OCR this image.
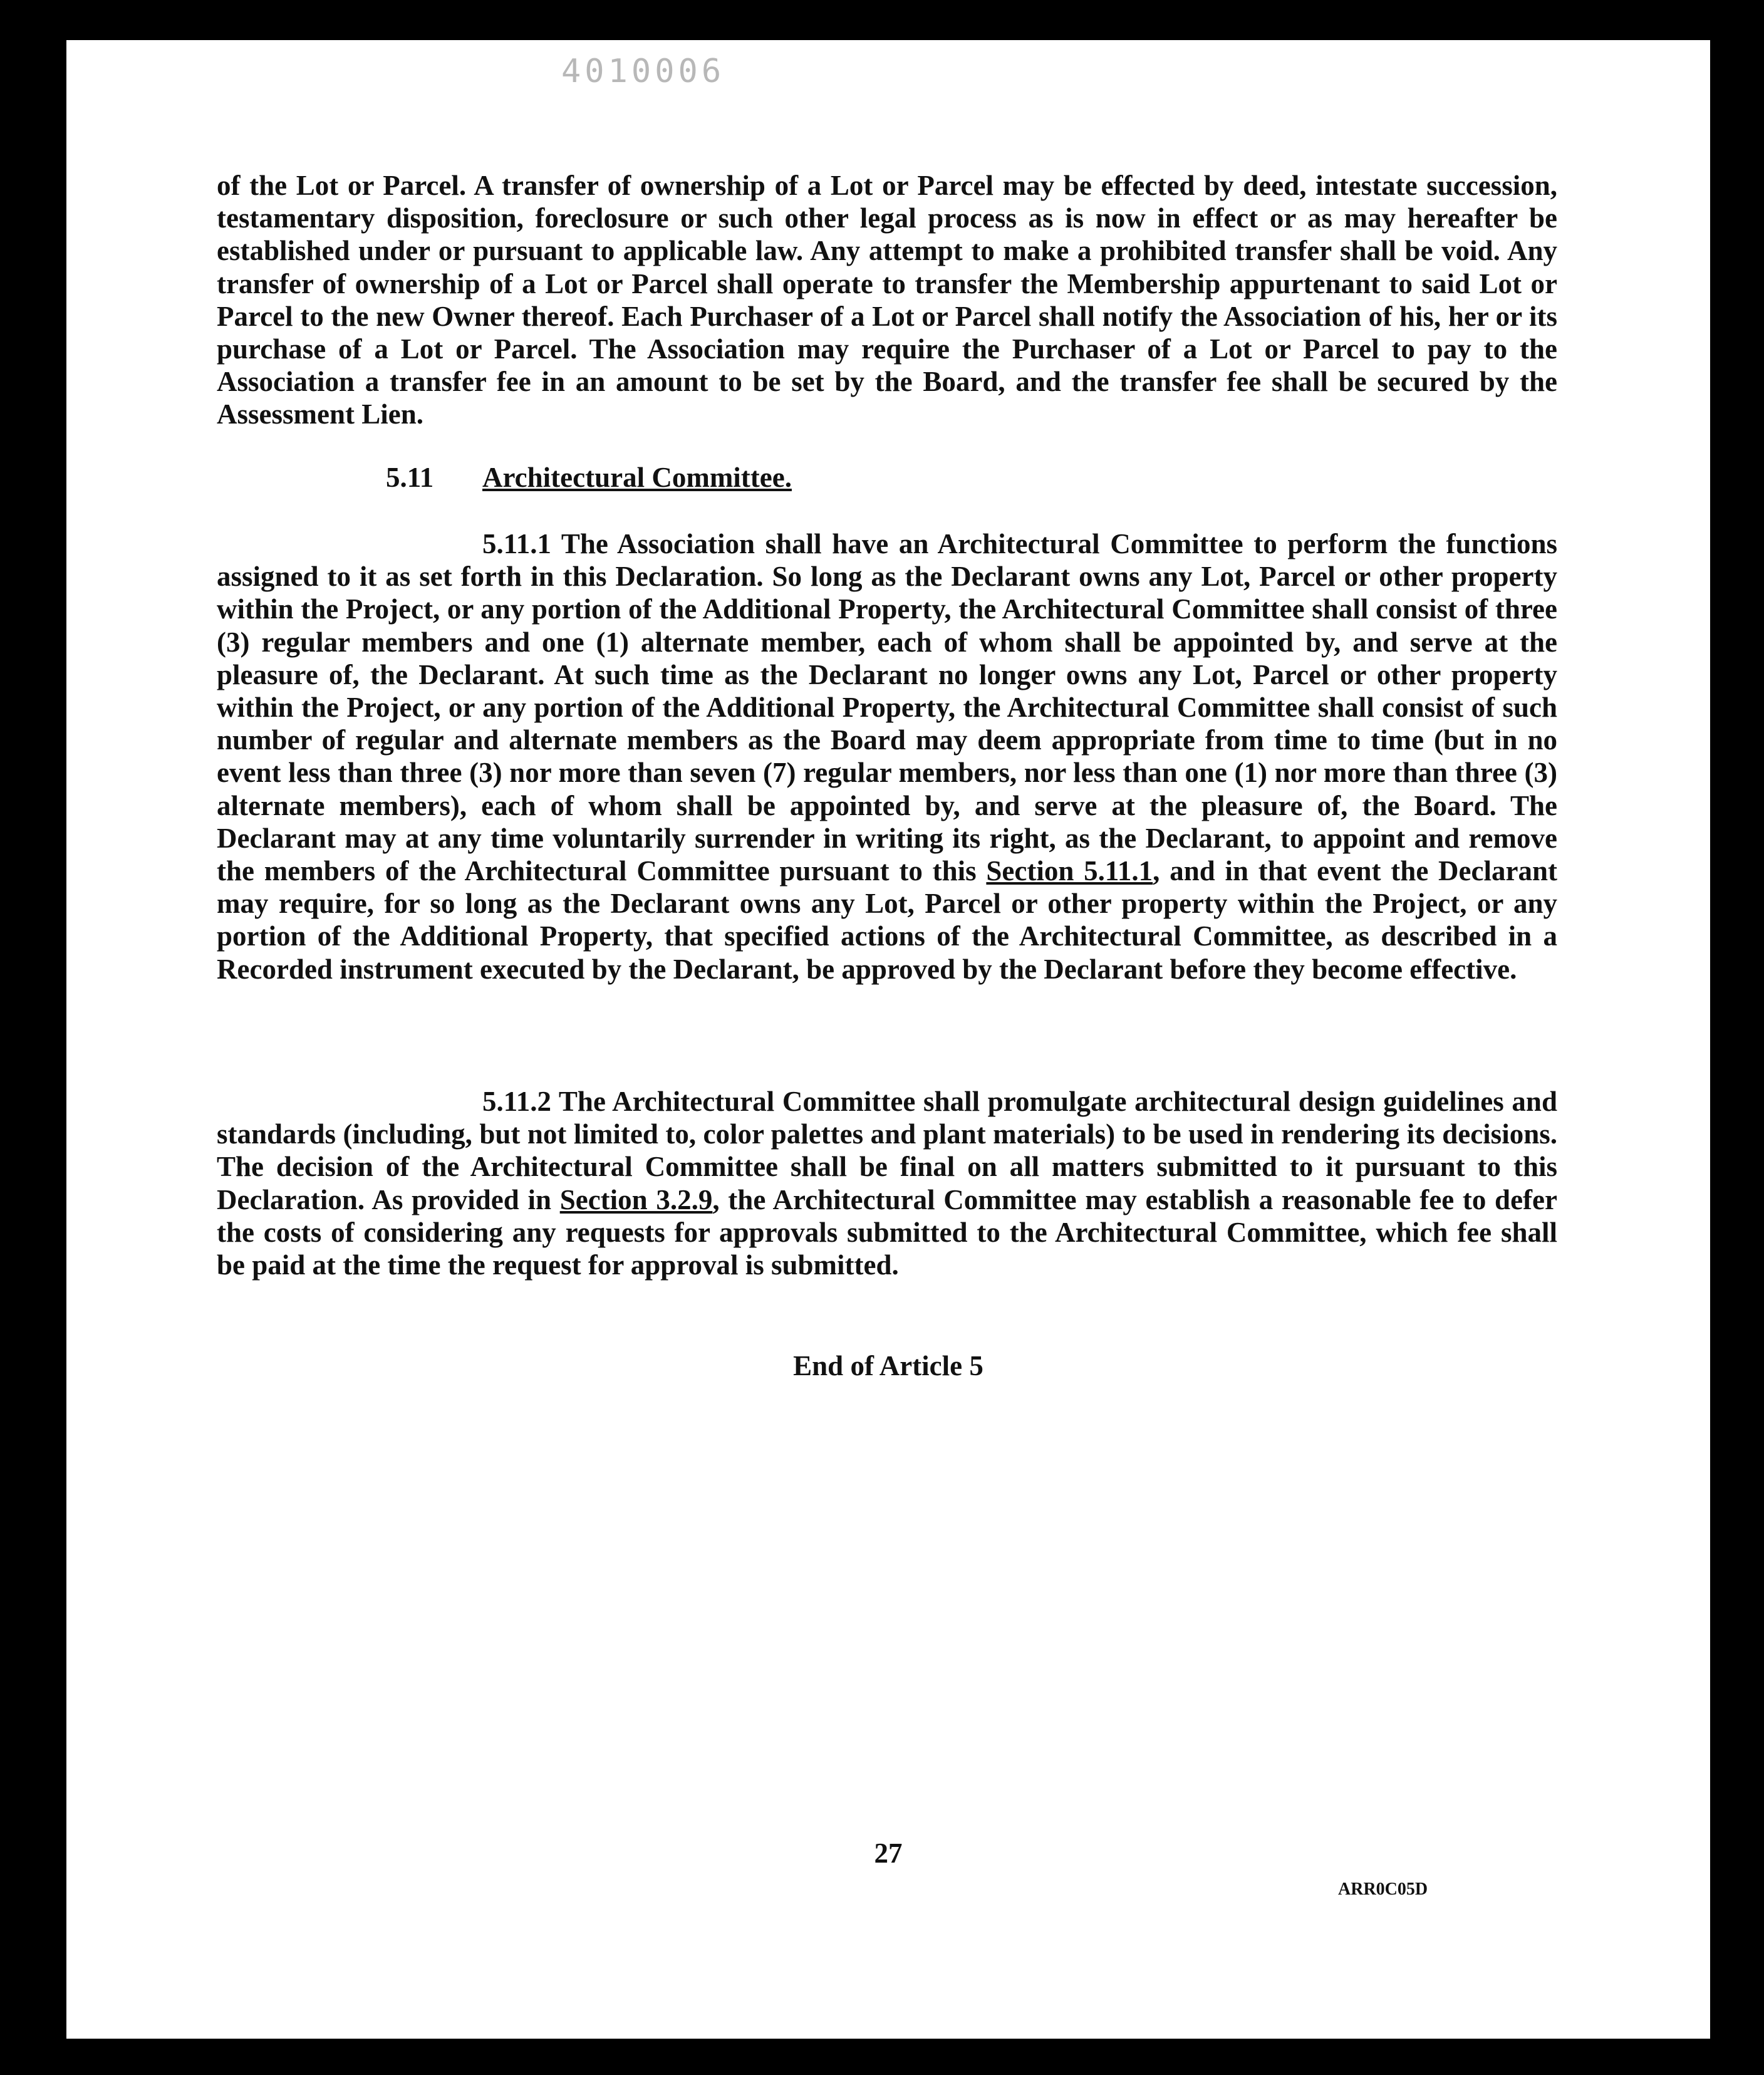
4010006
of the Lot or Parcel. A transfer of ownership of a Lot or Parcel may be effected by deed, intestate succession, testamentary disposition, foreclosure or such other legal process as is now in effect or as may hereafter be established under or pursuant to applicable law. Any attempt to make a prohibited transfer shall be void. Any transfer of ownership of a Lot or Parcel shall operate to transfer the Membership appurtenant to said Lot or Parcel to the new Owner thereof. Each Purchaser of a Lot or Parcel shall notify the Association of his, her or its purchase of a Lot or Parcel. The Association may require the Purchaser of a Lot or Parcel to pay to the Association a transfer fee in an amount to be set by the Board, and the transfer fee shall be secured by the Assessment Lien.
5.11 Architectural Committee.
5.11.1 The Association shall have an Architectural Committee to perform the functions assigned to it as set forth in this Declaration. So long as the Declarant owns any Lot, Parcel or other property within the Project, or any portion of the Additional Property, the Architectural Committee shall consist of three (3) regular members and one (1) alternate member, each of whom shall be appointed by, and serve at the pleasure of, the Declarant. At such time as the Declarant no longer owns any Lot, Parcel or other property within the Project, or any portion of the Additional Property, the Architectural Committee shall consist of such number of regular and alternate members as the Board may deem appropriate from time to time (but in no event less than three (3) nor more than seven (7) regular members, nor less than one (1) nor more than three (3) alternate members), each of whom shall be appointed by, and serve at the pleasure of, the Board. The Declarant may at any time voluntarily surrender in writing its right, as the Declarant, to appoint and remove the members of the Architectural Committee pursuant to this Section 5.11.1, and in that event the Declarant may require, for so long as the Declarant owns any Lot, Parcel or other property within the Project, or any portion of the Additional Property, that specified actions of the Architectural Committee, as described in a Recorded instrument executed by the Declarant, be approved by the Declarant before they become effective.
5.11.2 The Architectural Committee shall promulgate architectural design guidelines and standards (including, but not limited to, color palettes and plant materials) to be used in rendering its decisions. The decision of the Architectural Committee shall be final on all matters submitted to it pursuant to this Declaration. As provided in Section 3.2.9, the Architectural Committee may establish a reasonable fee to defer the costs of considering any requests for approvals submitted to the Architectural Committee, which fee shall be paid at the time the request for approval is submitted.
End of Article 5
27
ARR0C05D
